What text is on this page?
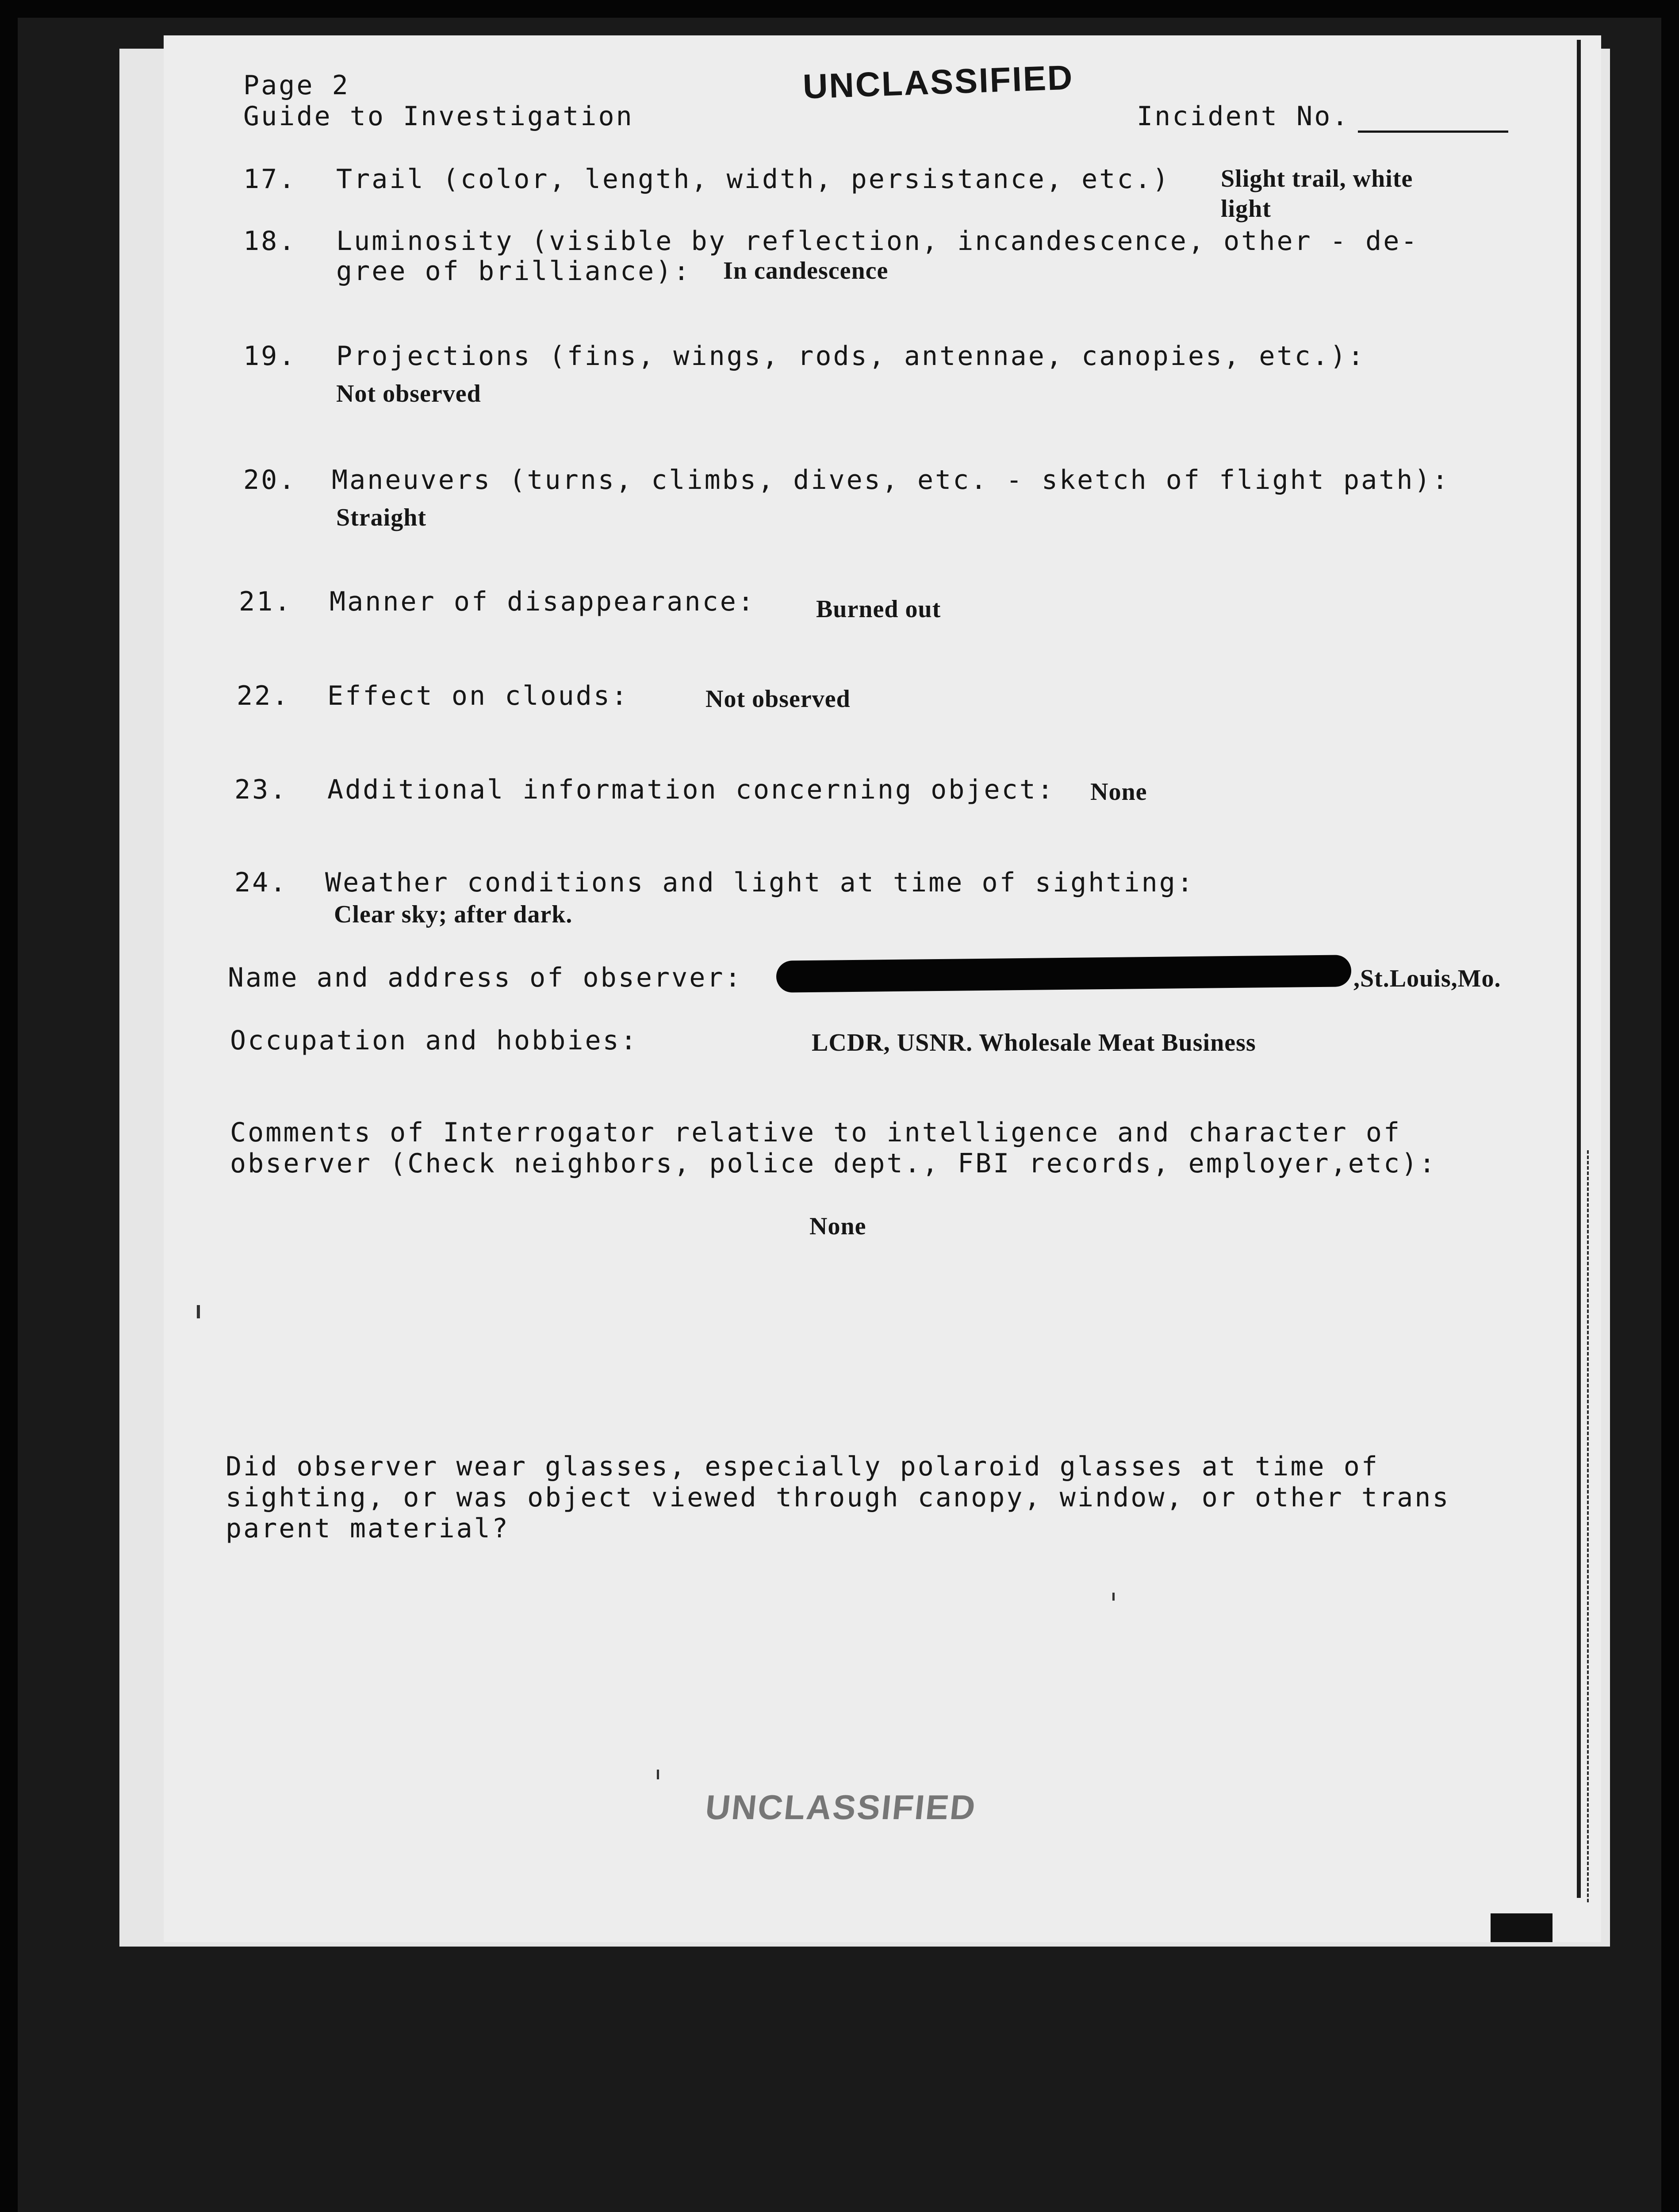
Page 2
Guide to Investigation
UNCLASSIFIED
Incident No.
17. Trail (color, length, width, persistance, etc.) Slight trail, white
light
18. Luminosity (visible by reflection, incandescence, other - de-
gree of brilliance): In candescence
19. Projections (fins, wings, rods, antennae, canopies, etc.):
Not observed
20. Maneuvers (turns, climbs, dives, etc. - sketch of flight path):
Straight
21. Manner of disappearance: Burned out
22. Effect on clouds:	Not observed
23. Additional information concerning object: None
24. Weather conditions and light at time of sighting:
Clear sky; after dark.
Name and address of observer:	,St.Louis,Mo.
Occupation and hobbies:	LCDR, USNR. Wholesale Meat Business
Comments of Interrogator relative to intelligence and character of
observer (Check neighbors, police dept., FBI records, employer,etc):
None
Did observer wear glasses, especially polaroid glasses at time of
sighting, or was object viewed through canopy, window, or other trans
parent material?
UNCLASSIFIED
